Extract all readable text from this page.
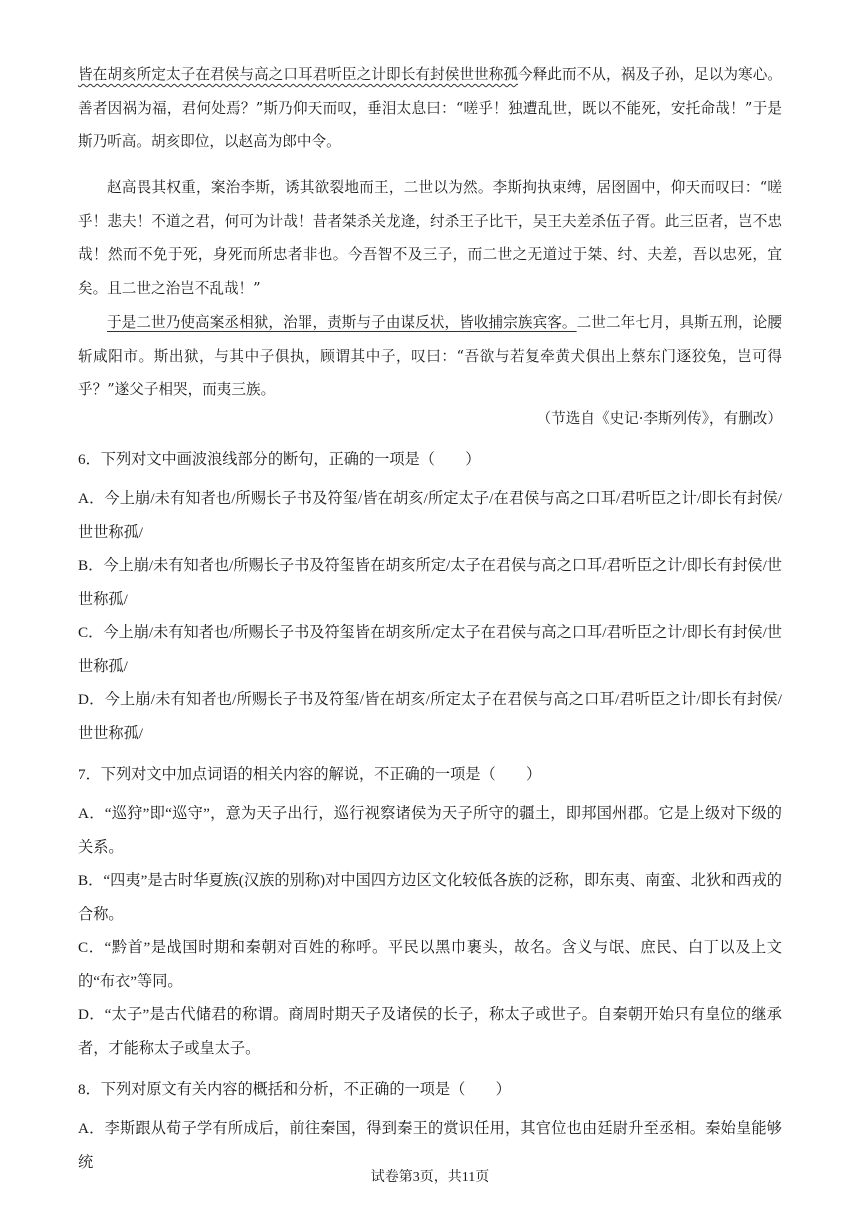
皆在胡亥所定太子在君侯与高之口耳君听臣之计即长有封侯世世称孤今释此而不从，祸及子孙，足以为寒心。善者因祸为福，君何处焉？”斯乃仰天而叹，垂泪太息曰：“嗟乎！独遭乱世，既以不能死，安托命哉！”于是斯乃听高。胡亥即位，以赵高为郎中令。

赵高畏其权重，案治李斯，诱其欲裂地而王，二世以为然。李斯拘执束缚，居囹圄中，仰天而叹曰：“嗟乎！悲夫！不道之君，何可为计哉！昔者桀杀关龙逄，纣杀王子比干，吴王夫差杀伍子胥。此三臣者，岂不忠哉！然而不免于死，身死而所忠者非也。今吾智不及三子，而二世之无道过于桀、纣、夫差，吾以忠死，宜矣。且二世之治岂不乱哉！”

于是二世乃使高案丞相狱，治罪，责斯与子由谋反状，皆收捕宗族宾客。二世二年七月，具斯五刑，论腰斩咸阳市。斯出狱，与其中子俱执，顾谓其中子，叹曰：“吾欲与若复牵黄犬俱出上蔡东门逐狡兔，岂可得乎？”遂父子相哭，而夷三族。

（节选自《史记·李斯列传》，有删改）

6．下列对文中画波浪线部分的断句，正确的一项是（　　）

A．今上崩/未有知者也/所赐长子书及符玺/皆在胡亥/所定太子/在君侯与高之口耳/君听臣之计/即长有封侯/世世称孤/

B．今上崩/未有知者也/所赐长子书及符玺皆在胡亥所定/太子在君侯与高之口耳/君听臣之计/即长有封侯/世世称孤/

C．今上崩/未有知者也/所赐长子书及符玺皆在胡亥所/定太子在君侯与高之口耳/君听臣之计/即长有封侯/世世称孤/

D．今上崩/未有知者也/所赐长子书及符玺/皆在胡亥/所定太子在君侯与高之口耳/君听臣之计/即长有封侯/世世称孤/

7．下列对文中加点词语的相关内容的解说，不正确的一项是（　　）

A．“巡狩”即“巡守”，意为天子出行，巡行视察诸侯为天子所守的疆土，即邦国州郡。它是上级对下级的关系。

B．“四夷”是古时华夏族(汉族的别称)对中国四方边区文化较低各族的泛称，即东夷、南蛮、北狄和西戎的合称。

C．“黔首”是战国时期和秦朝对百姓的称呼。平民以黑巾裹头，故名。含义与氓、庶民、白丁以及上文的“布衣”等同。

D．“太子”是古代储君的称谓。商周时期天子及诸侯的长子，称太子或世子。自秦朝开始只有皇位的继承者，才能称太子或皇太子。

8．下列对原文有关内容的概括和分析，不正确的一项是（　　）

A．李斯跟从荀子学有所成后，前往秦国，得到秦王的赏识任用，其官位也由廷尉升至丞相。秦始皇能够统

试卷第3页，共11页
